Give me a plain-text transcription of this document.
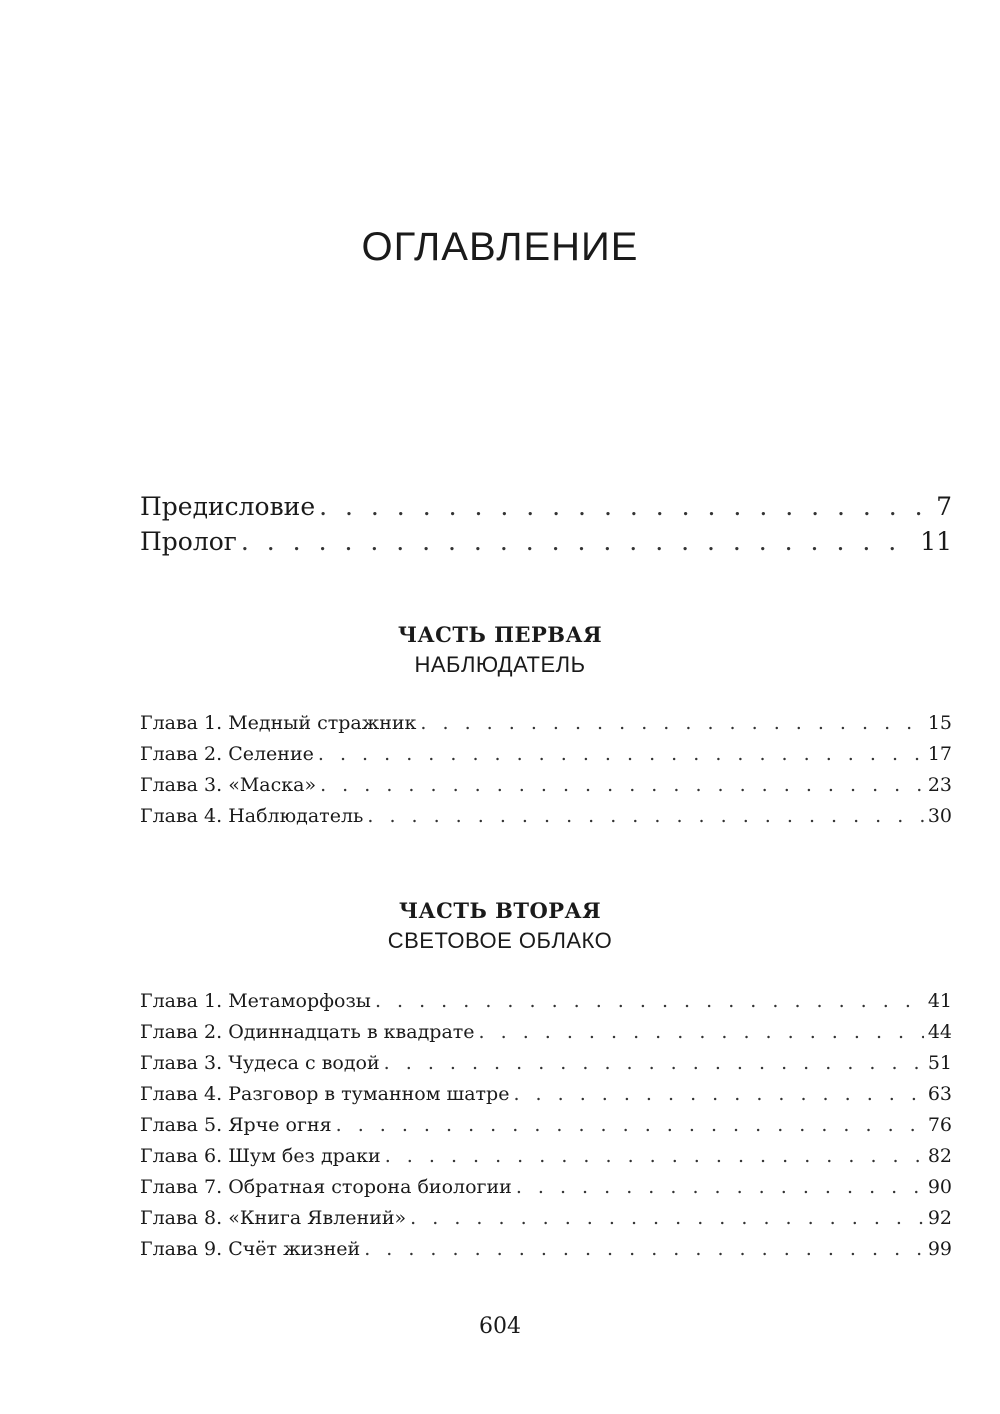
ОГЛАВЛЕНИЕ
Предисловие . . .	7
Пролог . . .	11
ЧАСТЬ ПЕРВАЯ
НАБЛЮДАТЕЛЬ
Глава 1. Медный стражник . . .	15
Глава 2. Селение . . .	17
Глава 3. «Маска» . . .	23
Глава 4. Наблюдатель . . .	30
ЧАСТЬ ВТОРАЯ
СВЕТОВОЕ ОБЛАКО
Глава 1. Метаморфозы . . .	41
Глава 2. Одиннадцать в квадрате . . .	44
Глава 3. Чудеса с водой . . .	51
Глава 4. Разговор в туманном шатре . . .	63
Глава 5. Ярче огня . . .	76
Глава 6. Шум без драки . . .	82
Глава 7. Обратная сторона биологии . . .	90
Глава 8. «Книга Явлений» . . .	92
Глава 9. Счёт жизней . . .	99
604
